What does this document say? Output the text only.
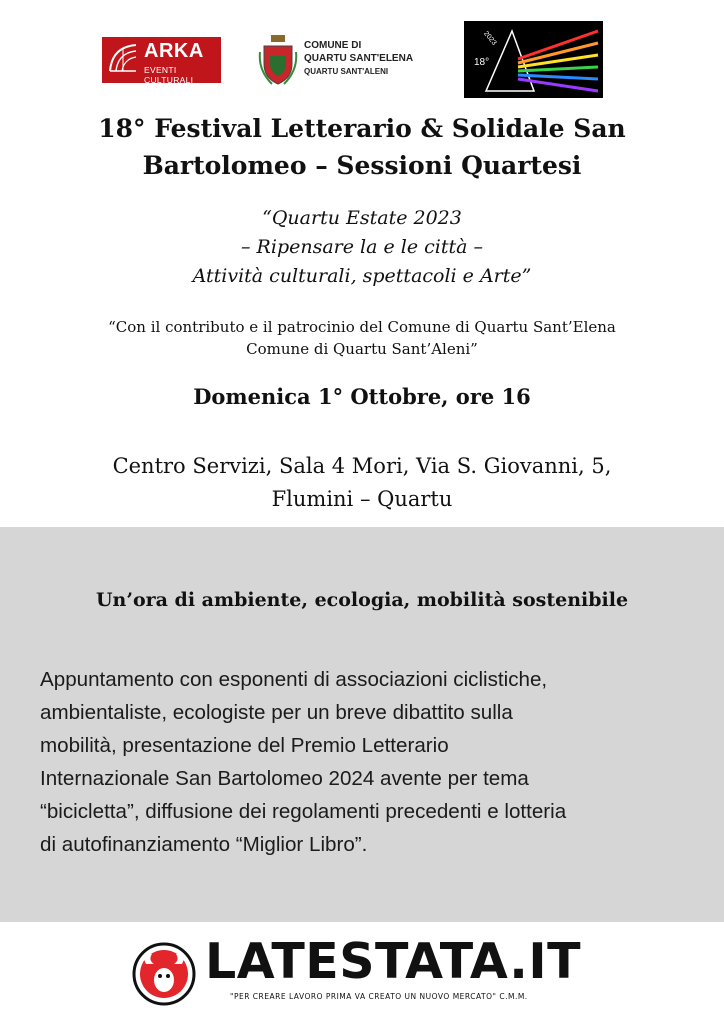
ARKA
EVENTI CULTURALI
COMUNE DI
QUARTU SANT'ELENA
QUARTU SANT'ALENI
2023
18°
18° Festival Letterario & Solidale San
Bartolomeo – Sessioni Quartesi
“Quartu Estate 2023
– Ripensare la e le città –
Attività culturali, spettacoli e Arte”
“Con il contributo e il patrocinio del Comune di Quartu Sant’Elena
Comune di Quartu Sant’Aleni”
Domenica 1° Ottobre, ore 16
Centro Servizi, Sala 4 Mori, Via S. Giovanni, 5,
Flumini – Quartu
Un’ora di ambiente, ecologia, mobilità sostenibile
Appuntamento con esponenti di associazioni ciclistiche,
ambientaliste, ecologiste per un breve dibattito sulla
mobilità, presentazione del Premio Letterario
Internazionale San Bartolomeo 2024 avente per tema
“bicicletta”, diffusione dei regolamenti precedenti e lotteria
di autofinanziamento “Miglior Libro”.
LATESTATA.IT
"PER CREARE LAVORO PRIMA VA CREATO UN NUOVO MERCATO" C.M.M.
